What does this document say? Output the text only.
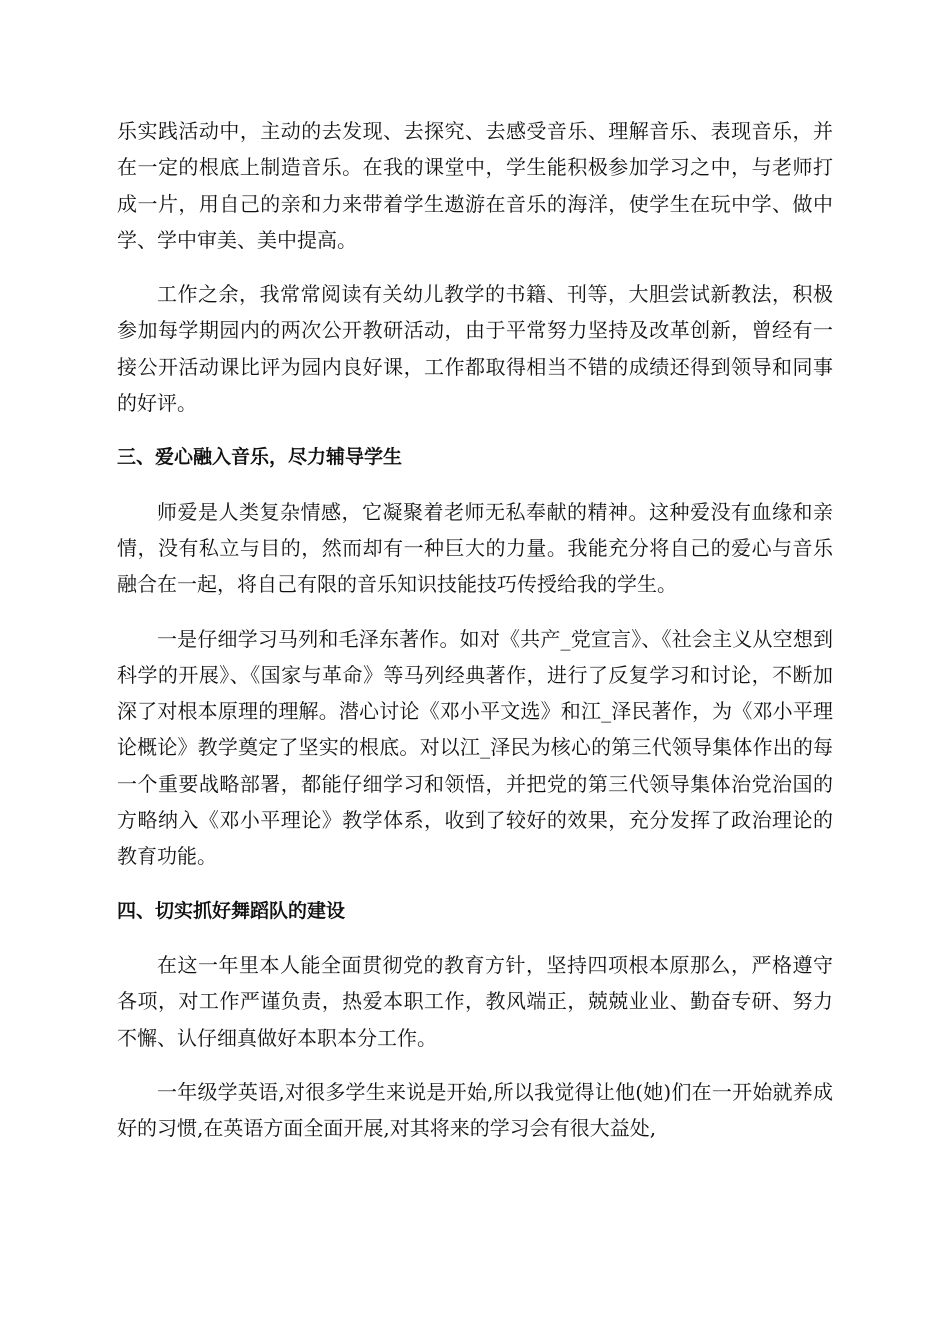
乐实践活动中，主动的去发现、去探究、去感受音乐、理解音乐、表现音乐，并在一定的根底上制造音乐。在我的课堂中，学生能积极参加学习之中，与老师打成一片，用自己的亲和力来带着学生遨游在音乐的海洋，使学生在玩中学、做中学、学中审美、美中提高。

工作之余，我常常阅读有关幼儿教学的书籍、刊等，大胆尝试新教法，积极参加每学期园内的两次公开教研活动，由于平常努力坚持及改革创新，曾经有一接公开活动课比评为园内良好课，工作都取得相当不错的成绩还得到领导和同事的好评。

三、爱心融入音乐，尽力辅导学生

师爱是人类复杂情感，它凝聚着老师无私奉献的精神。这种爱没有血缘和亲情，没有私立与目的，然而却有一种巨大的力量。我能充分将自己的爱心与音乐融合在一起，将自己有限的音乐知识技能技巧传授给我的学生。

一是仔细学习马列和毛泽东著作。如对《共产_党宣言》、《社会主义从空想到科学的开展》、《国家与革命》等马列经典著作，进行了反复学习和讨论，不断加深了对根本原理的理解。潜心讨论《邓小平文选》和江_泽民著作，为《邓小平理论概论》教学奠定了坚实的根底。对以江_泽民为核心的第三代领导集体作出的每一个重要战略部署，都能仔细学习和领悟，并把党的第三代领导集体治党治国的方略纳入《邓小平理论》教学体系，收到了较好的效果，充分发挥了政治理论的教育功能。

四、切实抓好舞蹈队的建设

在这一年里本人能全面贯彻党的教育方针，坚持四项根本原那么，严格遵守各项，对工作严谨负责，热爱本职工作，教风端正，兢兢业业、勤奋专研、努力不懈、认仔细真做好本职本分工作。

一年级学英语,对很多学生来说是开始,所以我觉得让他(她)们在一开始就养成好的习惯,在英语方面全面开展,对其将来的学习会有很大益处,
